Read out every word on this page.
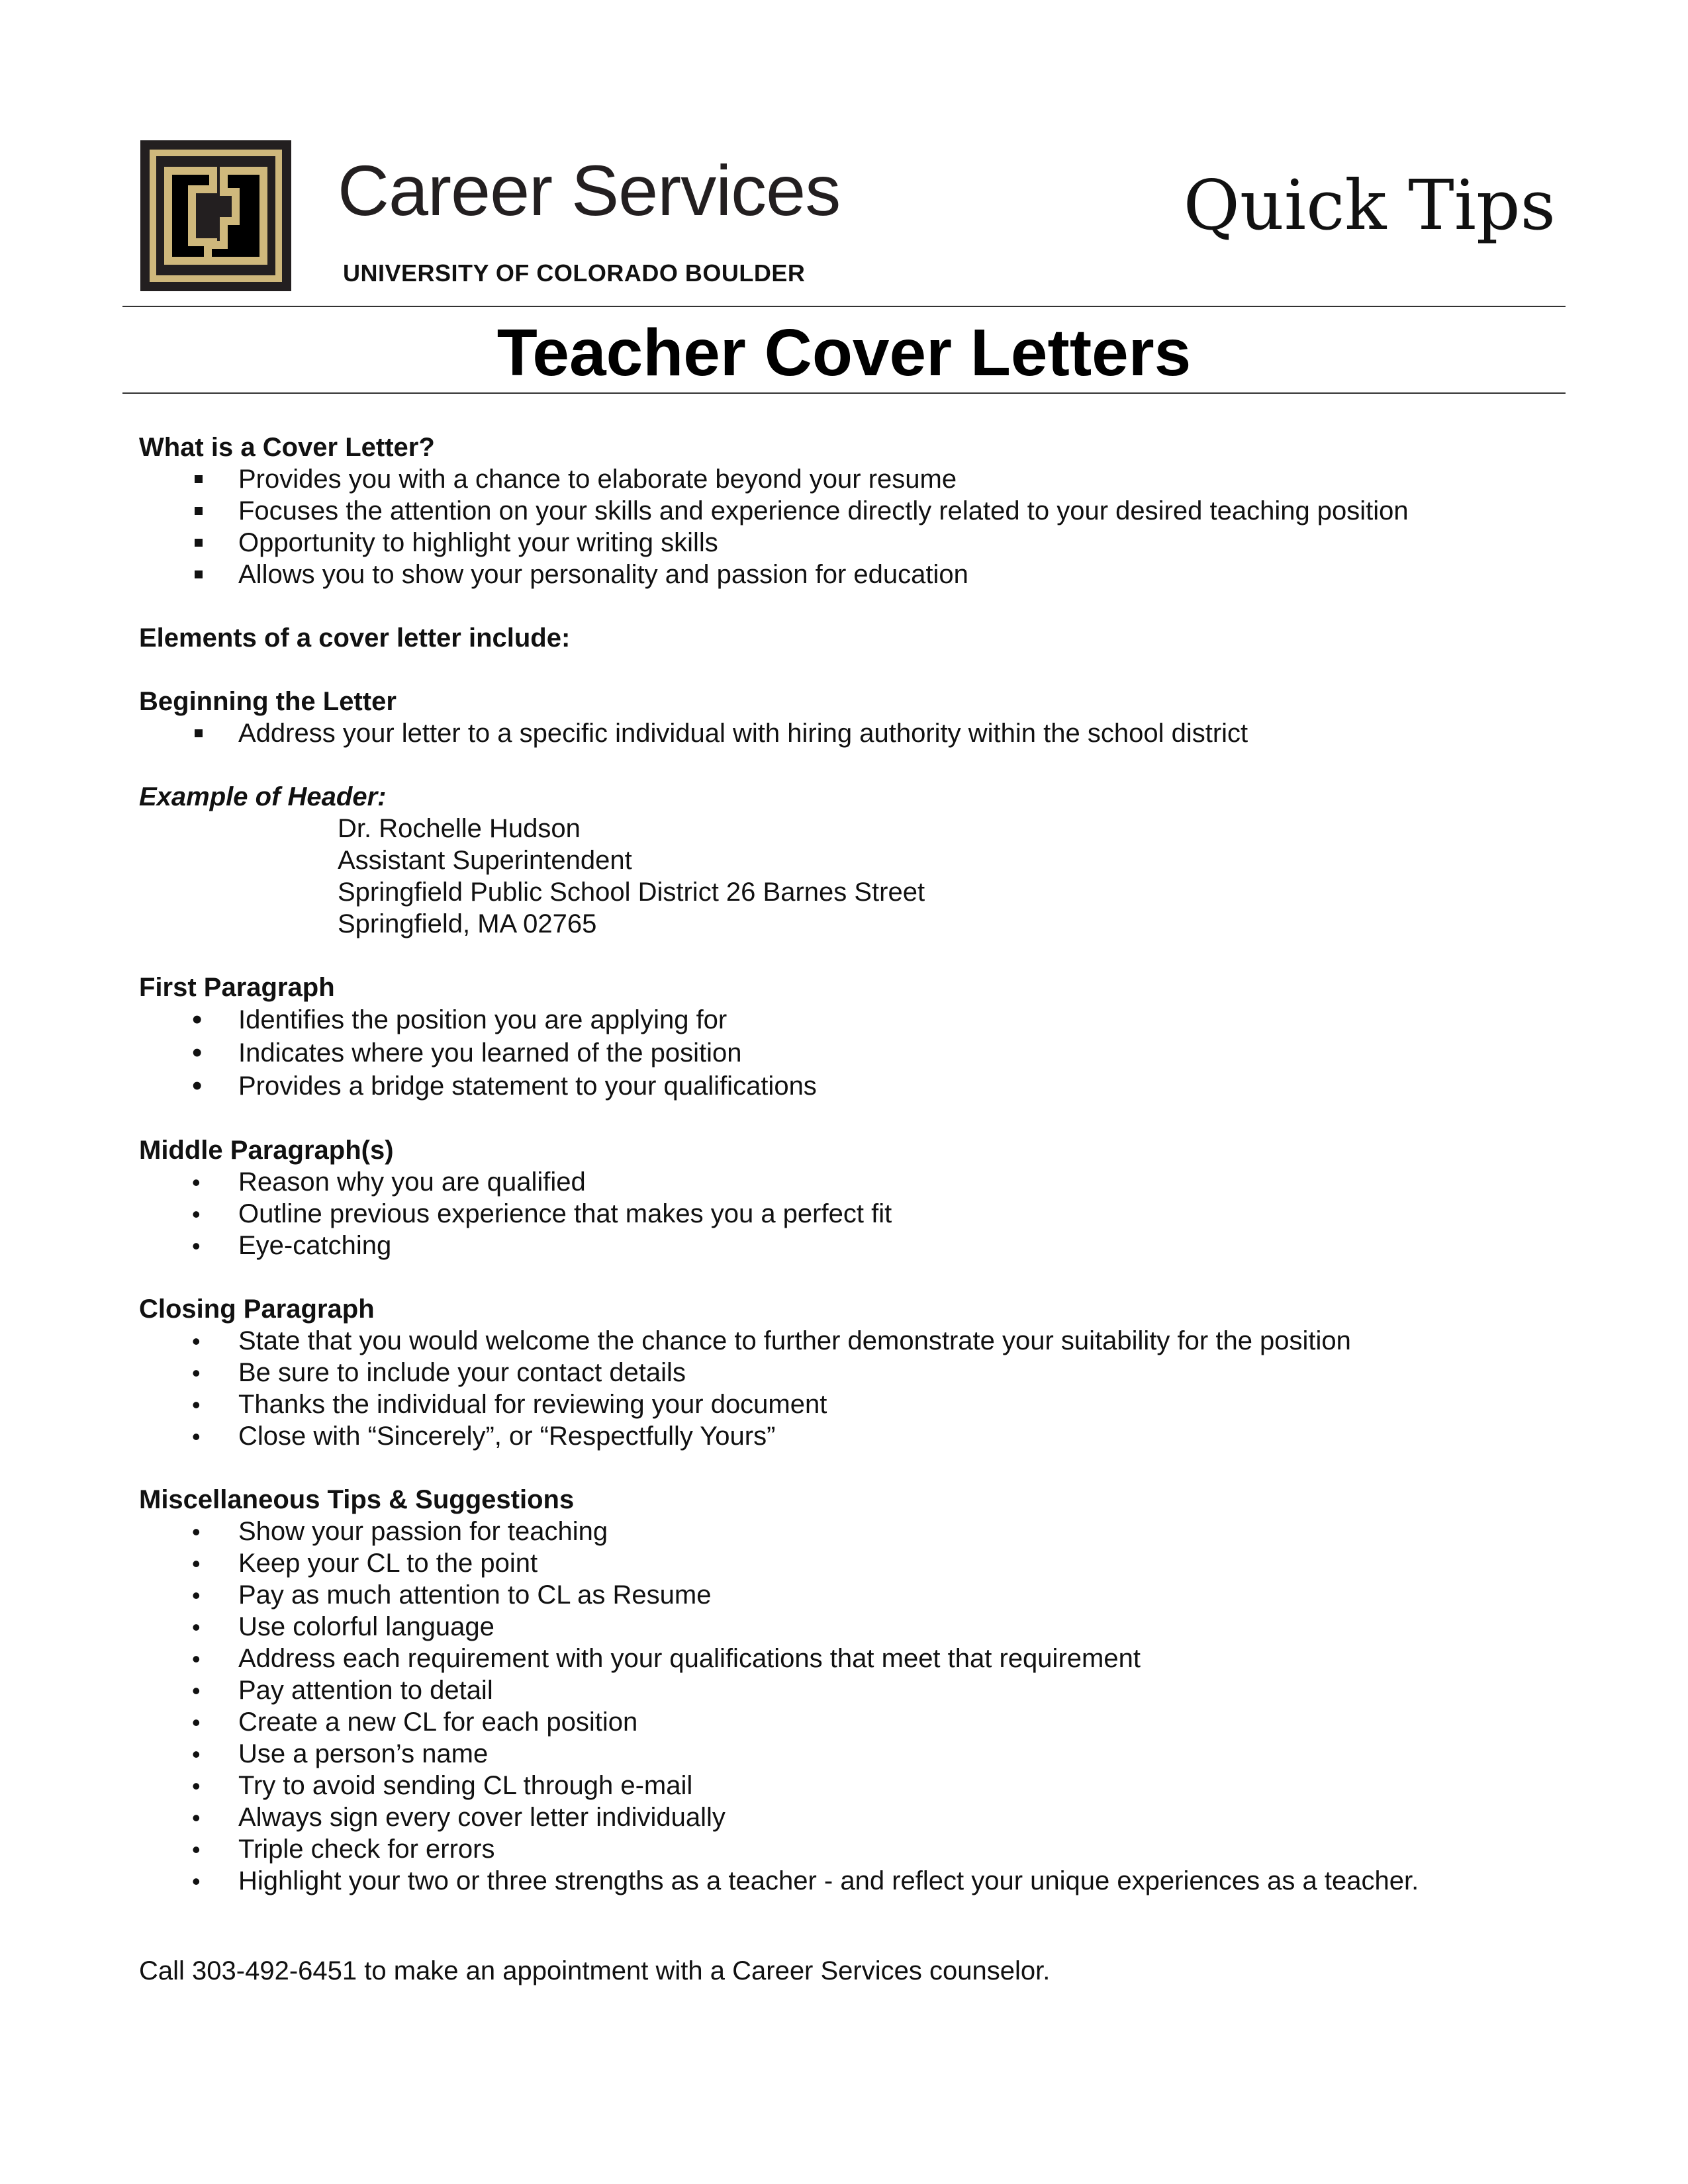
Career Services
UNIVERSITY OF COLORADO BOULDER
Quick Tips
Teacher Cover Letters

What is a Cover Letter?

Provides you with a chance to elaborate beyond your resume
Focuses the attention on your skills and experience directly related to your desired teaching position
Opportunity to highlight your writing skills
Allows you to show your personality and passion for education

Elements of a cover letter include:

Beginning the Letter

Address your letter to a specific individual with hiring authority within the school district

Example of Header:

Dr. Rochelle Hudson
Assistant Superintendent
Springfield Public School District 26 Barnes Street
Springfield, MA 02765

First Paragraph

•
Identifies the position you are applying for
•
Indicates where you learned of the position
•
Provides a bridge statement to your qualifications

Middle Paragraph(s)

•
Reason why you are qualified
•
Outline previous experience that makes you a perfect fit
•
Eye-catching

Closing Paragraph

•
State that you would welcome the chance to further demonstrate your suitability for the position
•
Be sure to include your contact details
•
Thanks the individual for reviewing your document
•
Close with “Sincerely”, or “Respectfully Yours”

Miscellaneous Tips & Suggestions

•
Show your passion for teaching
•
Keep your CL to the point
•
Pay as much attention to CL as Resume
•
Use colorful language
•
Address each requirement with your qualifications that meet that requirement
•
Pay attention to detail
•
Create a new CL for each position
•
Use a person’s name
•
Try to avoid sending CL through e-mail
•
Always sign every cover letter individually
•
Triple check for errors
•
Highlight your two or three strengths as a teacher - and reflect your unique experiences as a teacher.

Call 303-492-6451 to make an appointment with a Career Services counselor.
